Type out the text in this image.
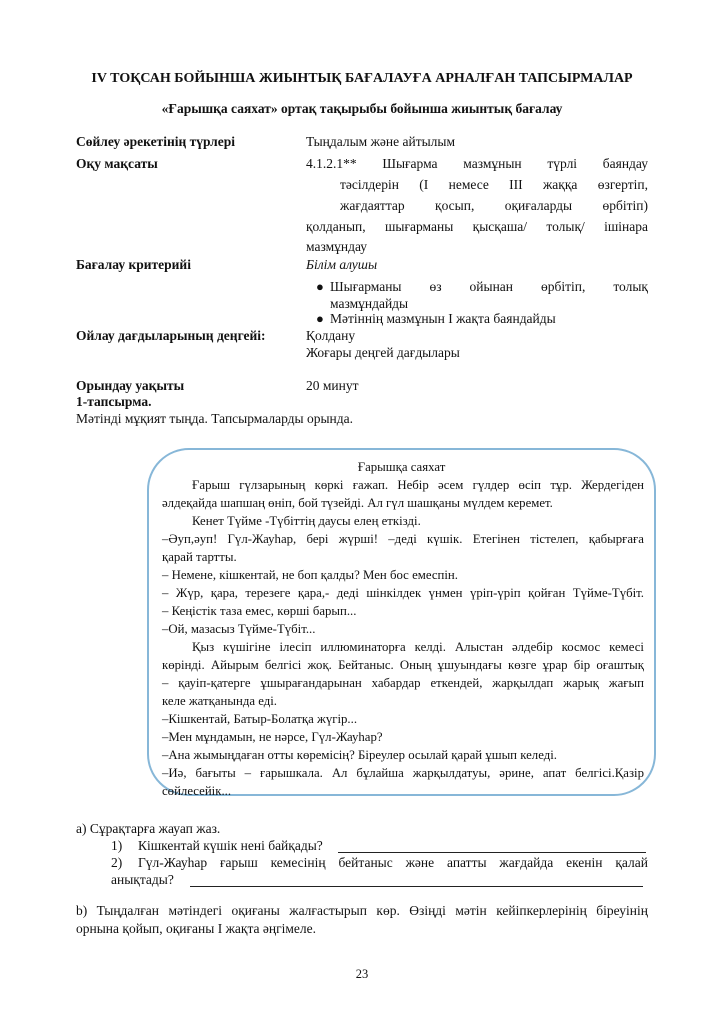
IV ТОҚСАН БОЙЫНША ЖИЫНТЫҚ БАҒАЛАУҒА АРНАЛҒАН ТАПСЫРМАЛАР
«Ғарышқа саяхат» ортақ тақырыбы бойынша жиынтық бағалау
Сөйлеу әрекетінің түрлері	Тыңдалым және айтылым
Оқу мақсаты	4.1.2.1** Шығарма мазмұнын түрлі баяндау
тәсілдерін (I немесе III жаққа өзгертіп,
жағдаяттар қосып, оқиғаларды өрбітіп)
қолданып, шығарманы қысқаша/ толық/ ішінара
мазмұндау
Бағалау критерийі	Білім алушы
● Шығарманы өз ойынан өрбітіп, толық
мазмұндайды
● Мәтіннің мазмұнын I жақта баяндайды
Ойлау дағдыларының деңгейі:	Қолдану
Жоғары деңгей дағдылары
Орындау уақыты	20 минут
1-тапсырма.
Мәтінді мұқият тыңда. Тапсырмаларды орында.
Ғарышқа саяхат
Ғарыш гүлзарының көркі ғажап. Небір әсем гүлдер өсіп тұр. Жердегіден
әлдеқайда шапшаң өніп, бой түзейді. Ал гүл шашқаны мүлдем керемет.
Кенет Түйме -Түбіттің даусы елең еткізді.
–Әуп,әуп! Гүл-Жауһар, берi жүршi! –деді күшік. Етегінен тістелеп, қабырғаға
қарай тартты.
– Немене, кішкентай, не боп қалды? Мен бос емеспін.
– Жүр, қара, терезеге қара,- деді шінкілдек үнмен үріп-үріп қойған Түйме-Түбіт.
– Кеңістік таза емес, көрші барып...
–Ой, мазасыз Түйме-Түбіт...
Қыз күшігіне ілесіп иллюминаторға келді. Алыстан әлдебір космос кемесі
көрінді. Айырым белгісі жоқ. Бейтаныс. Оның ұшуындағы көзге ұрар бір оғаштық
– қауіп-қатерге ұшырағандарынан хабардар еткендей, жарқылдап жарық жағып
келе жатқанында еді.
–Кішкентай, Батыр-Болатқа жүгір...
–Мен мұндамын, не нәрсе, Гүл-Жауһар?
–Ана жымыңдаған отты көремісің? Біреулер осылай қарай ұшып келеді.
–Иә, бағыты – ғарышкала. Ал бұлайша жарқылдатуы, әрине, апат белгісі.Қазір
сөйлесейік...
а) Сұрақтарға жауап жаз.
1) Кішкентай күшік нені байқады?
2) Гүл-Жауһар ғарыш кемесінің бейтаныс және апатты жағдайда екенін қалай
анықтады?
b) Тыңдалған мәтіндегі оқиғаны жалғастырып көр. Өзіңді мәтін кейіпкерлерінің біреуінің
орнына қойып, оқиғаны I жақта әңгімеле.
23
